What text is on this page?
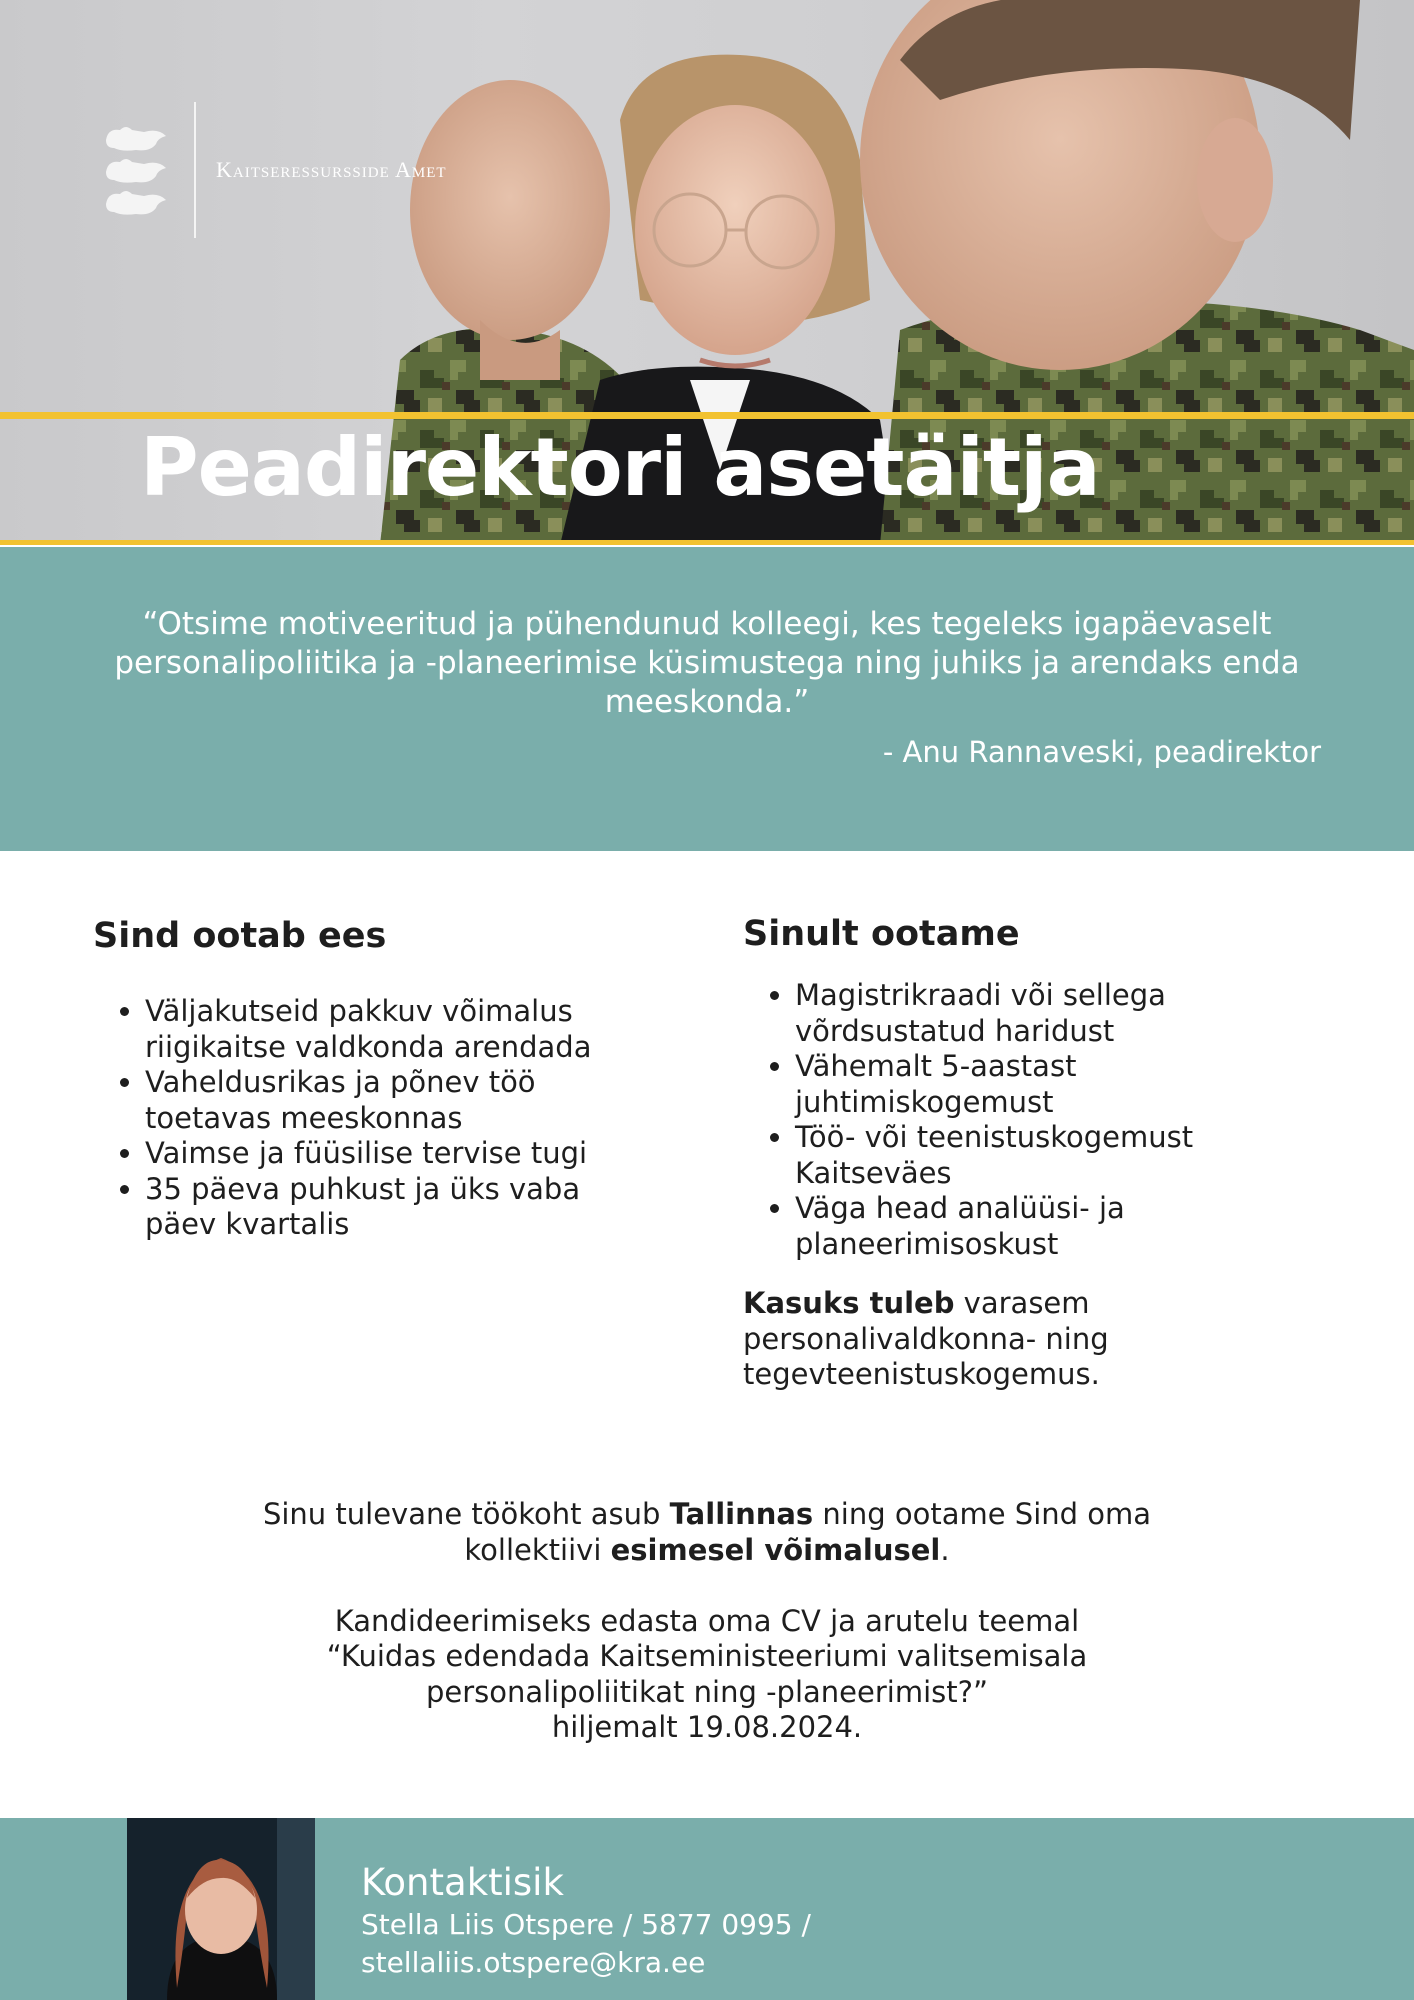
Kaitseressursside Amet
Peadirektori asetäitja

“Otsime motiveeritud ja pühendunud kolleegi, kes tegeleks igapäevaselt personalipoliitika ja -planeerimise küsimustega ning juhiks ja arendaks enda meeskonda.”

- Anu Rannaveski, peadirektor

Sind ootab ees
• Väljakutseid pakkuv võimalus riigikaitse valdkonda arendada
• Vaheldusrikas ja põnev töö toetavas meeskonnas
• Vaimse ja füüsilise tervise tugi
• 35 päeva puhkust ja üks vaba päev kvartalis
Sinult ootame
• Magistrikraadi või sellega võrdsustatud haridust
• Vähemalt 5-aastast juhtimiskogemust
• Töö- või teenistuskogemust Kaitseväes
• Väga head analüüsi- ja planeerimisoskust

Kasuks tuleb varasem personalivaldkonna- ning tegevteenistuskogemus.

Sinu tulevane töökoht asub Tallinnas ning ootame Sind oma kollektiivi esimesel võimalusel.

Kandideerimiseks edasta oma CV ja arutelu teemal
“Kuidas edendada Kaitseministeeriumi valitsemisala personalipoliitikat ning -planeerimist?”
hiljemalt 19.08.2024.

Kontaktisik

Stella Liis Otspere / 5877 0995 /

stellaliis.otspere@kra.ee
